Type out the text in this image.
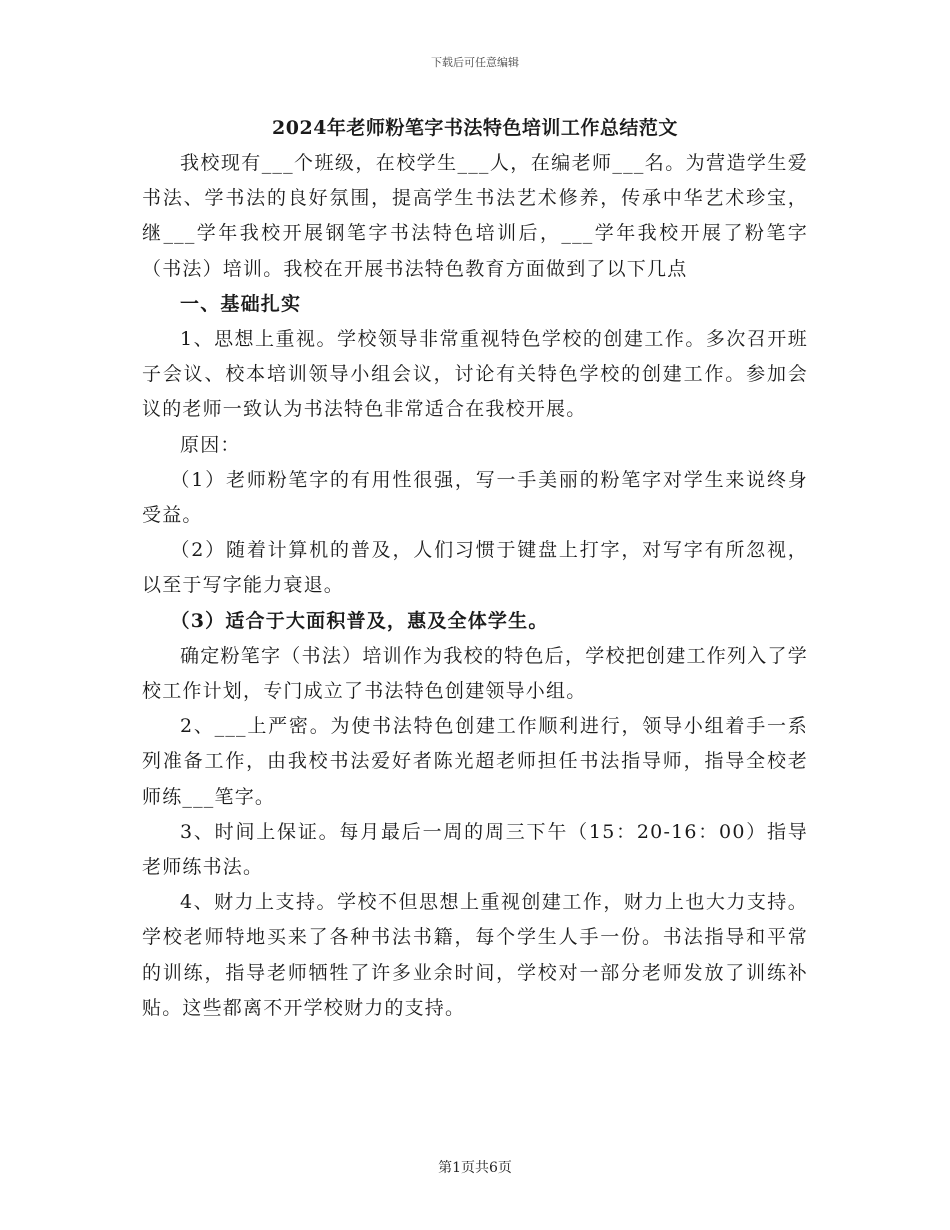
下载后可任意编辑
2024年老师粉笔字书法特色培训工作总结范文

我校现有___个班级，在校学生___人，在编老师___名。为营造学生爱书法、学书法的良好氛围，提高学生书法艺术修养，传承中华艺术珍宝，继___学年我校开展钢笔字书法特色培训后，___学年我校开展了粉笔字（书法）培训。我校在开展书法特色教育方面做到了以下几点

一、基础扎实

1、思想上重视。学校领导非常重视特色学校的创建工作。多次召开班子会议、校本培训领导小组会议，讨论有关特色学校的创建工作。参加会议的老师一致认为书法特色非常适合在我校开展。

原因：

（1）老师粉笔字的有用性很强，写一手美丽的粉笔字对学生来说终身受益。

（2）随着计算机的普及，人们习惯于键盘上打字，对写字有所忽视，以至于写字能力衰退。

（3）适合于大面积普及，惠及全体学生。

确定粉笔字（书法）培训作为我校的特色后，学校把创建工作列入了学校工作计划，专门成立了书法特色创建领导小组。

2、___上严密。为使书法特色创建工作顺利进行，领导小组着手一系列准备工作，由我校书法爱好者陈光超老师担任书法指导师，指导全校老师练___笔字。

3、时间上保证。每月最后一周的周三下午（15：20-16：00）指导老师练书法。

4、财力上支持。学校不但思想上重视创建工作，财力上也大力支持。学校老师特地买来了各种书法书籍，每个学生人手一份。书法指导和平常的训练，指导老师牺牲了许多业余时间，学校对一部分老师发放了训练补贴。这些都离不开学校财力的支持。

第1页共6页
